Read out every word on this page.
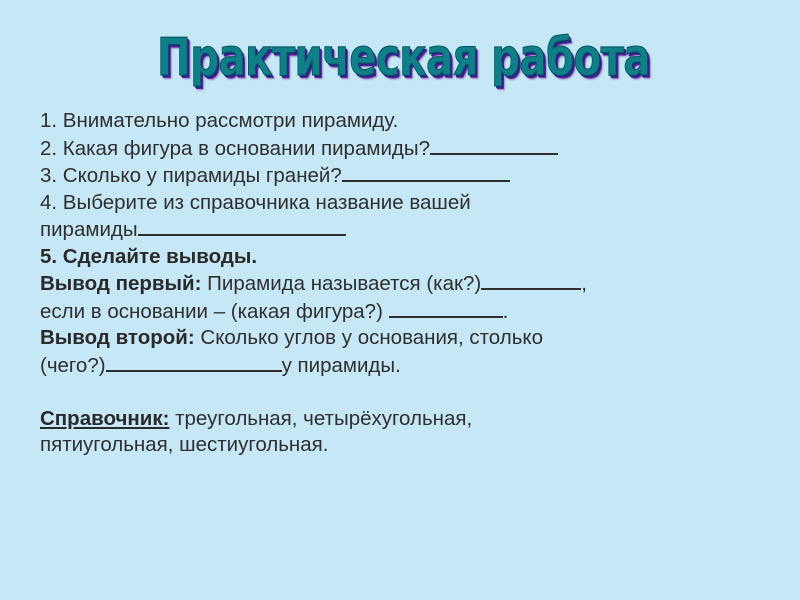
Практическая работа
1. Внимательно рассмотри пирамиду.
2. Какая фигура в основании пирамиды?
3. Сколько у пирамиды граней?
4. Выберите из справочника название вашей
пирамиды
5. Сделайте выводы.
Вывод первый: Пирамида называется (как?)	,
если в основании – (какая фигура?)	.
Вывод второй: Сколько углов у основания, столько
(чего?)	у пирамиды.
Справочник: треугольная, четырёхугольная,
пятиугольная, шестиугольная.
